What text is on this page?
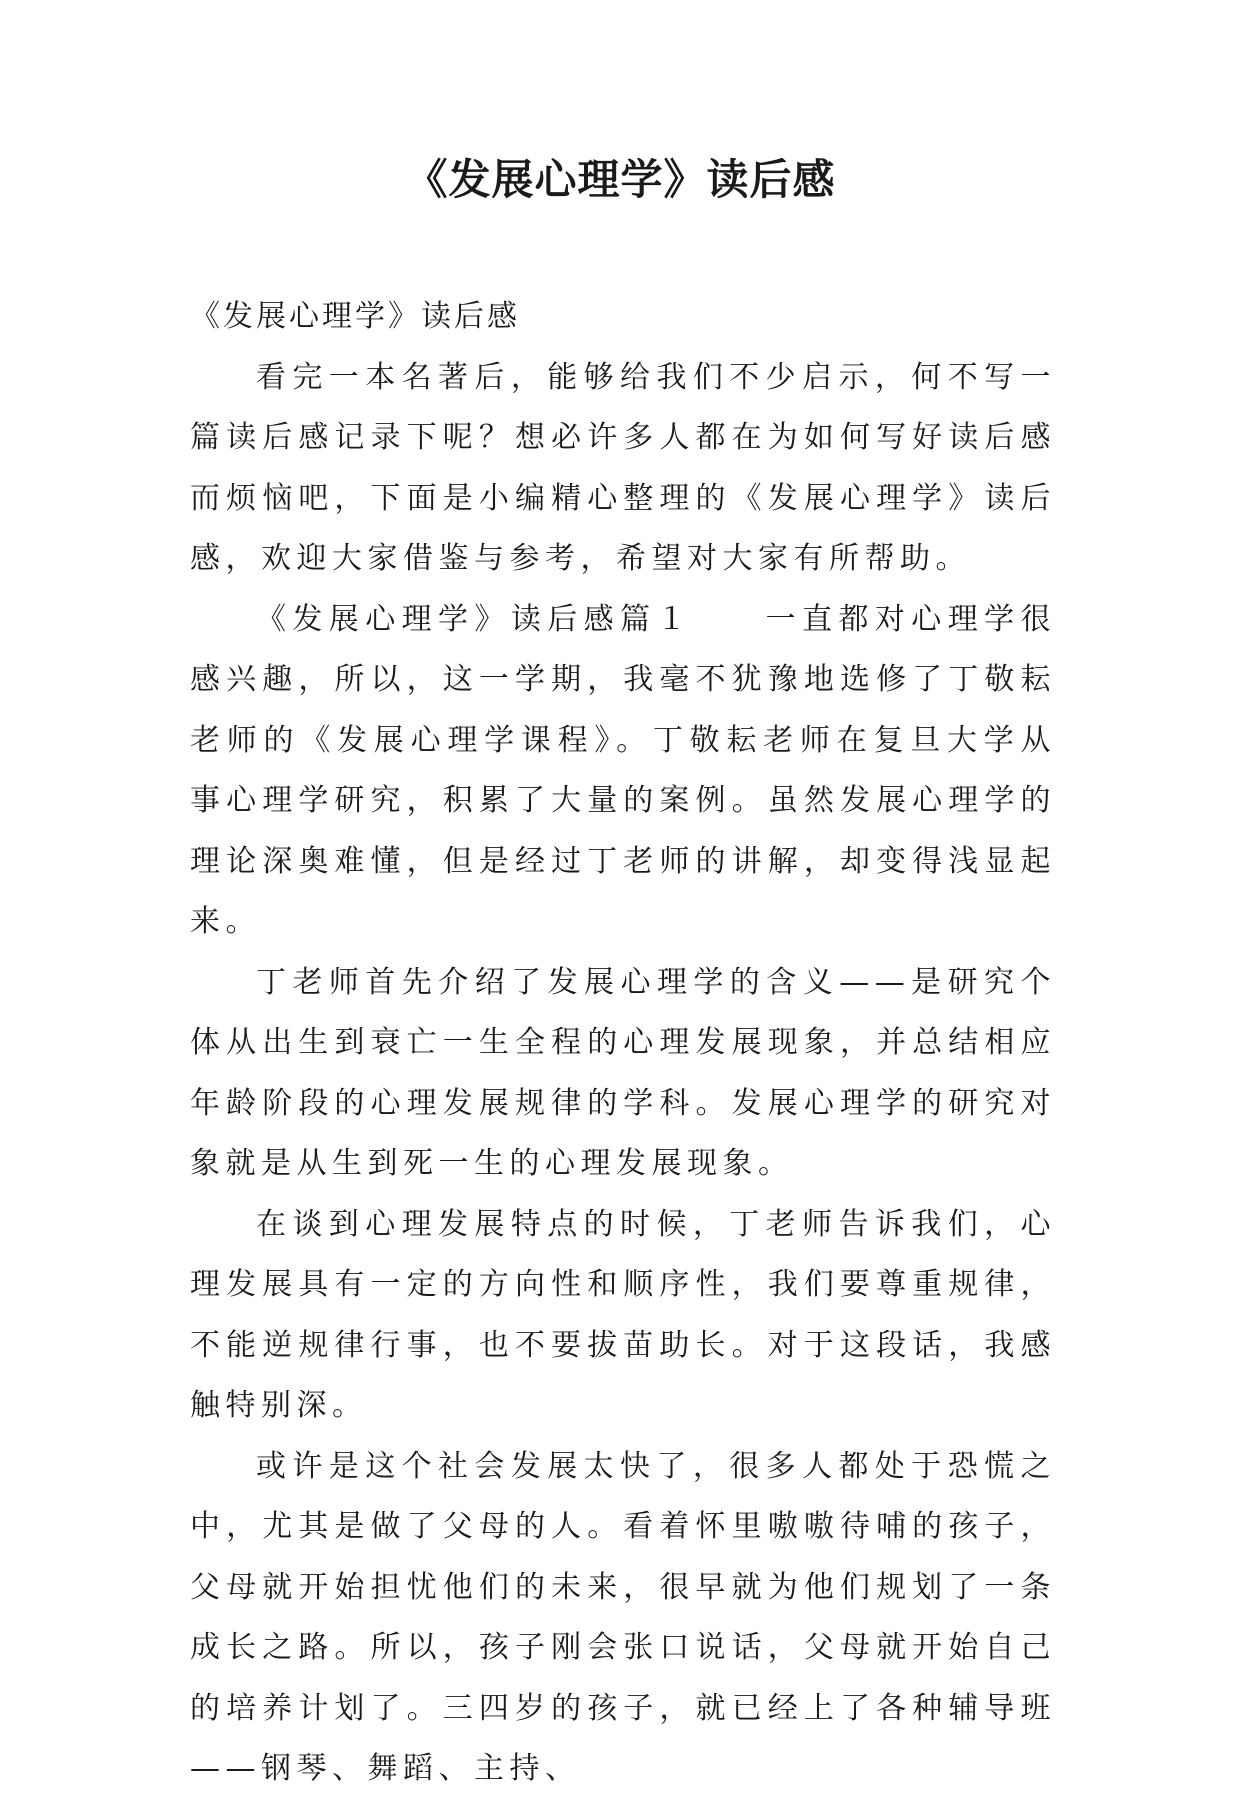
《发展心理学》读后感

《发展心理学》读后感

看完一本名著后，能够给我们不少启示，何不写一篇读后感记录下呢？想必许多人都在为如何写好读后感而烦恼吧，下面是小编精心整理的《发展心理学》读后感，欢迎大家借鉴与参考，希望对大家有所帮助。

《发展心理学》读后感篇１　　一直都对心理学很感兴趣，所以，这一学期，我毫不犹豫地选修了丁敬耘老师的《发展心理学课程》。丁敬耘老师在复旦大学从事心理学研究，积累了大量的案例。虽然发展心理学的理论深奥难懂，但是经过丁老师的讲解，却变得浅显起来。

丁老师首先介绍了发展心理学的含义——是研究个体从出生到衰亡一生全程的心理发展现象，并总结相应年龄阶段的心理发展规律的学科。发展心理学的研究对象就是从生到死一生的心理发展现象。

在谈到心理发展特点的时候，丁老师告诉我们，心理发展具有一定的方向性和顺序性，我们要尊重规律，不能逆规律行事，也不要拔苗助长。对于这段话，我感触特别深。

或许是这个社会发展太快了，很多人都处于恐慌之中，尤其是做了父母的人。看着怀里嗷嗷待哺的孩子，父母就开始担忧他们的未来，很早就为他们规划了一条成长之路。所以，孩子刚会张口说话，父母就开始自己的培养计划了。三四岁的孩子，就已经上了各种辅导班——钢琴、舞蹈、主持、
